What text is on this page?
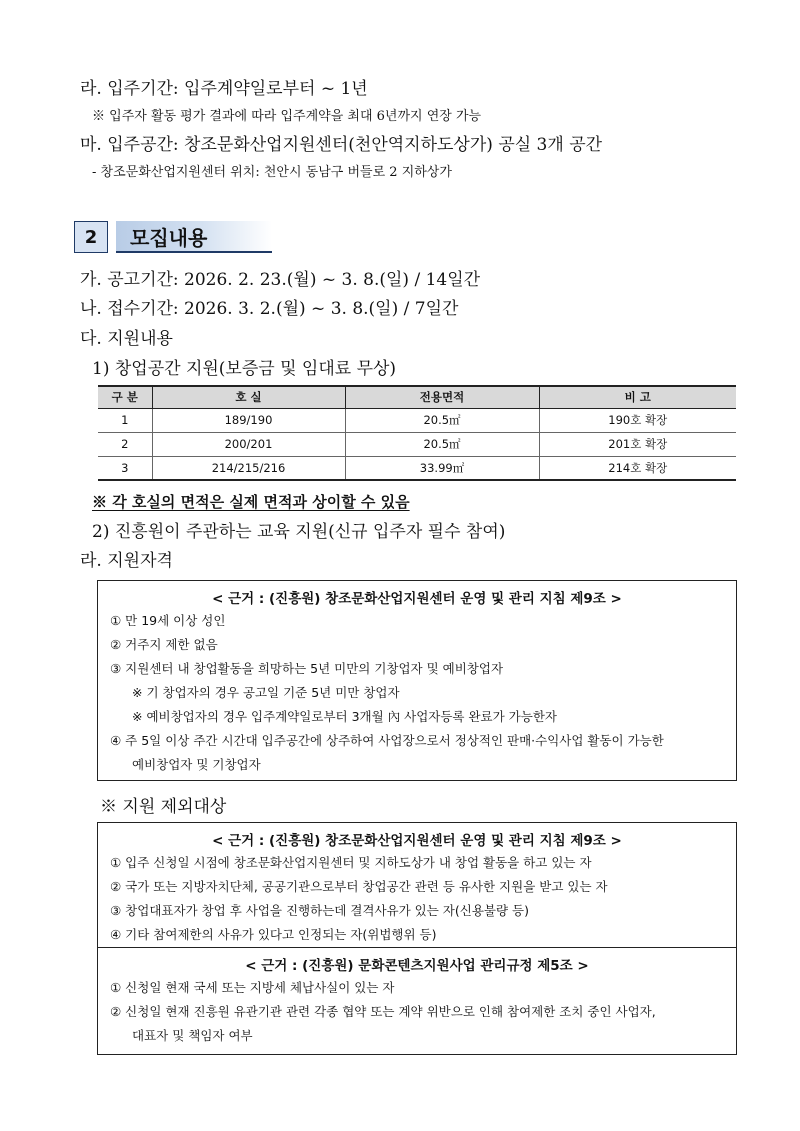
라. 입주기간: 입주계약일로부터 ~ 1년
※ 입주자 활동 평가 결과에 따라 입주계약을 최대 6년까지 연장 가능
마. 입주공간: 창조문화산업지원센터(천안역지하도상가) 공실 3개 공간
- 창조문화산업지원센터 위치: 천안시 동남구 버들로 2 지하상가
2	모집내용
가. 공고기간: 2026. 2. 23.(월) ~ 3. 8.(일) / 14일간
나. 접수기간: 2026. 3. 2.(월) ~ 3. 8.(일) / 7일간
다. 지원내용
1) 창업공간 지원(보증금 및 임대료 무상)
구 분	호 실	전용면적	비 고
1	189/190	20.5㎡	190호 확장
2	200/201	20.5㎡	201호 확장
3	214/215/216	33.99㎡	214호 확장
※ 각 호실의 면적은 실제 면적과 상이할 수 있음
2) 진흥원이 주관하는 교육 지원(신규 입주자 필수 참여)
라. 지원자격
< 근거 : (진흥원) 창조문화산업지원센터 운영 및 관리 지침 제9조 >
① 만 19세 이상 성인
② 거주지 제한 없음
③ 지원센터 내 창업활동을 희망하는 5년 미만의 기창업자 및 예비창업자
※ 기 창업자의 경우 공고일 기준 5년 미만 창업자
※ 예비창업자의 경우 입주계약일로부터 3개월 內 사업자등록 완료가 가능한자
④ 주 5일 이상 주간 시간대 입주공간에 상주하여 사업장으로서 정상적인 판매·수익사업 활동이 가능한
예비창업자 및 기창업자
※ 지원 제외대상
< 근거 : (진흥원) 창조문화산업지원센터 운영 및 관리 지침 제9조 >
① 입주 신청일 시점에 창조문화산업지원센터 및 지하도상가 내 창업 활동을 하고 있는 자
② 국가 또는 지방자치단체, 공공기관으로부터 창업공간 관련 등 유사한 지원을 받고 있는 자
③ 창업대표자가 창업 후 사업을 진행하는데 결격사유가 있는 자(신용불량 등)
④ 기타 참여제한의 사유가 있다고 인정되는 자(위법행위 등)
< 근거 : (진흥원) 문화콘텐츠지원사업 관리규정 제5조 >
① 신청일 현재 국세 또는 지방세 체납사실이 있는 자
② 신청일 현재 진흥원 유관기관 관련 각종 협약 또는 계약 위반으로 인해 참여제한 조치 중인 사업자,
대표자 및 책임자 여부
